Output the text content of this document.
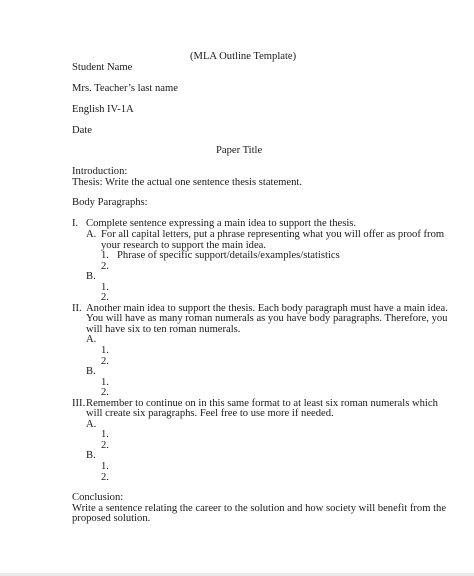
(MLA Outline Template)

Student Name

Mrs. Teacher’s last name

English IV-1A

Date

Paper Title

Introduction:

Thesis: Write the actual one sentence thesis statement.

Body Paragraphs:

I. Complete sentence expressing a main idea to support the thesis.

A. For all capital letters, put a phrase representing what you will offer as proof from

your research to support the main idea.

1. Phrase of specific support/details/examples/statistics

2.

B.

1.

2.

II. Another main idea to support the thesis. Each body paragraph must have a main idea.

You will have as many roman numerals as you have body paragraphs. Therefore, you

will have six to ten roman numerals.

A.

1.

2.

B.

1.

2.

III. Remember to continue on in this same format to at least six roman numerals which

will create six paragraphs. Feel free to use more if needed.

A.

1.

2.

B.

1.

2.

Conclusion:

Write a sentence relating the career to the solution and how society will benefit from the

proposed solution.
